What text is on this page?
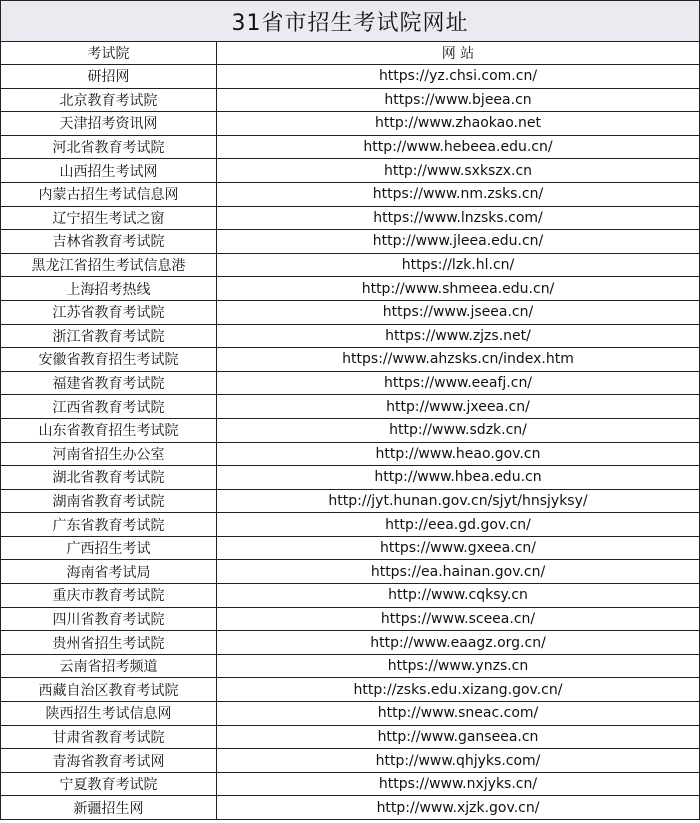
31省市招生考试院网址	
考试院	网 站
研招网	https://yz.chsi.com.cn/
北京教育考试院	https://www.bjeea.cn
天津招考资讯网	http://www.zhaokao.net
河北省教育考试院	http://www.hebeea.edu.cn/
山西招生考试网	http://www.sxkszx.cn
内蒙古招生考试信息网	https://www.nm.zsks.cn/
辽宁招生考试之窗	https://www.lnzsks.com/
吉林省教育考试院	http://www.jleea.edu.cn/
黑龙江省招生考试信息港	https://lzk.hl.cn/
上海招考热线	http://www.shmeea.edu.cn/
江苏省教育考试院	https://www.jseea.cn/
浙江省教育考试院	https://www.zjzs.net/
安徽省教育招生考试院	https://www.ahzsks.cn/index.htm
福建省教育考试院	https://www.eeafj.cn/
江西省教育考试院	http://www.jxeea.cn/
山东省教育招生考试院	http://www.sdzk.cn/
河南省招生办公室	http://www.heao.gov.cn
湖北省教育考试院	http://www.hbea.edu.cn
湖南省教育考试院	http://jyt.hunan.gov.cn/sjyt/hnsjyksy/
广东省教育考试院	http://eea.gd.gov.cn/
广西招生考试	https://www.gxeea.cn/
海南省考试局	https://ea.hainan.gov.cn/
重庆市教育考试院	http://www.cqksy.cn
四川省教育考试院	https://www.sceea.cn/
贵州省招生考试院	http://www.eaagz.org.cn/
云南省招考频道	https://www.ynzs.cn
西藏自治区教育考试院	http://zsks.edu.xizang.gov.cn/
陕西招生考试信息网	http://www.sneac.com/
甘肃省教育考试院	http://www.ganseea.cn
青海省教育考试网	http://www.qhjyks.com/
宁夏教育考试院	https://www.nxjyks.cn/
新疆招生网	http://www.xjzk.gov.cn/
